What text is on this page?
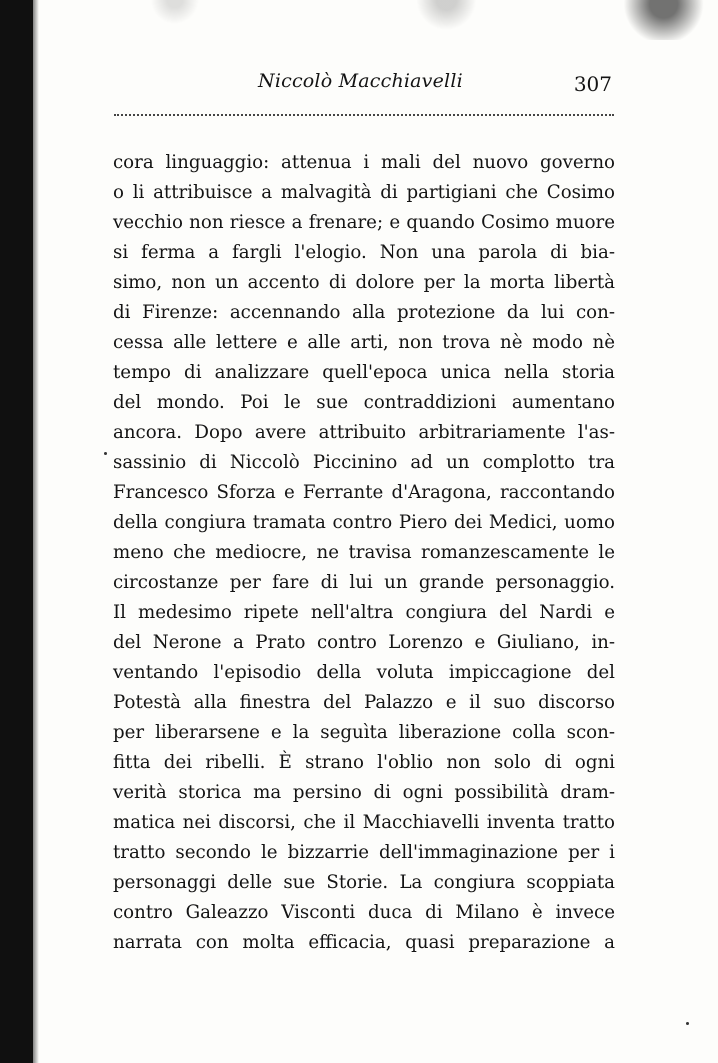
Niccolò Macchiavelli	307
cora linguaggio: attenua i mali del nuovo governo
o li attribuisce a malvagità di partigiani che Cosimo
vecchio non riesce a frenare; e quando Cosimo muore
si ferma a fargli l'elogio. Non una parola di bia-
simo, non un accento di dolore per la morta libertà
di Firenze: accennando alla protezione da lui con-
cessa alle lettere e alle arti, non trova nè modo nè
tempo di analizzare quell'epoca unica nella storia
del mondo. Poi le sue contraddizioni aumentano
ancora. Dopo avere attribuito arbitrariamente l'as-
sassinio di Niccolò Piccinino ad un complotto tra
Francesco Sforza e Ferrante d'Aragona, raccontando
della congiura tramata contro Piero dei Medici, uomo
meno che mediocre, ne travisa romanzescamente le
circostanze per fare di lui un grande personaggio.
Il medesimo ripete nell'altra congiura del Nardi e
del Nerone a Prato contro Lorenzo e Giuliano, in-
ventando l'episodio della voluta impiccagione del
Potestà alla finestra del Palazzo e il suo discorso
per liberarsene e la seguìta liberazione colla scon-
fitta dei ribelli. È strano l'oblio non solo di ogni
verità storica ma persino di ogni possibilità dram-
matica nei discorsi, che il Macchiavelli inventa tratto
tratto secondo le bizzarrie dell'immaginazione per i
personaggi delle sue Storie. La congiura scoppiata
contro Galeazzo Visconti duca di Milano è invece
narrata con molta efficacia, quasi preparazione a
